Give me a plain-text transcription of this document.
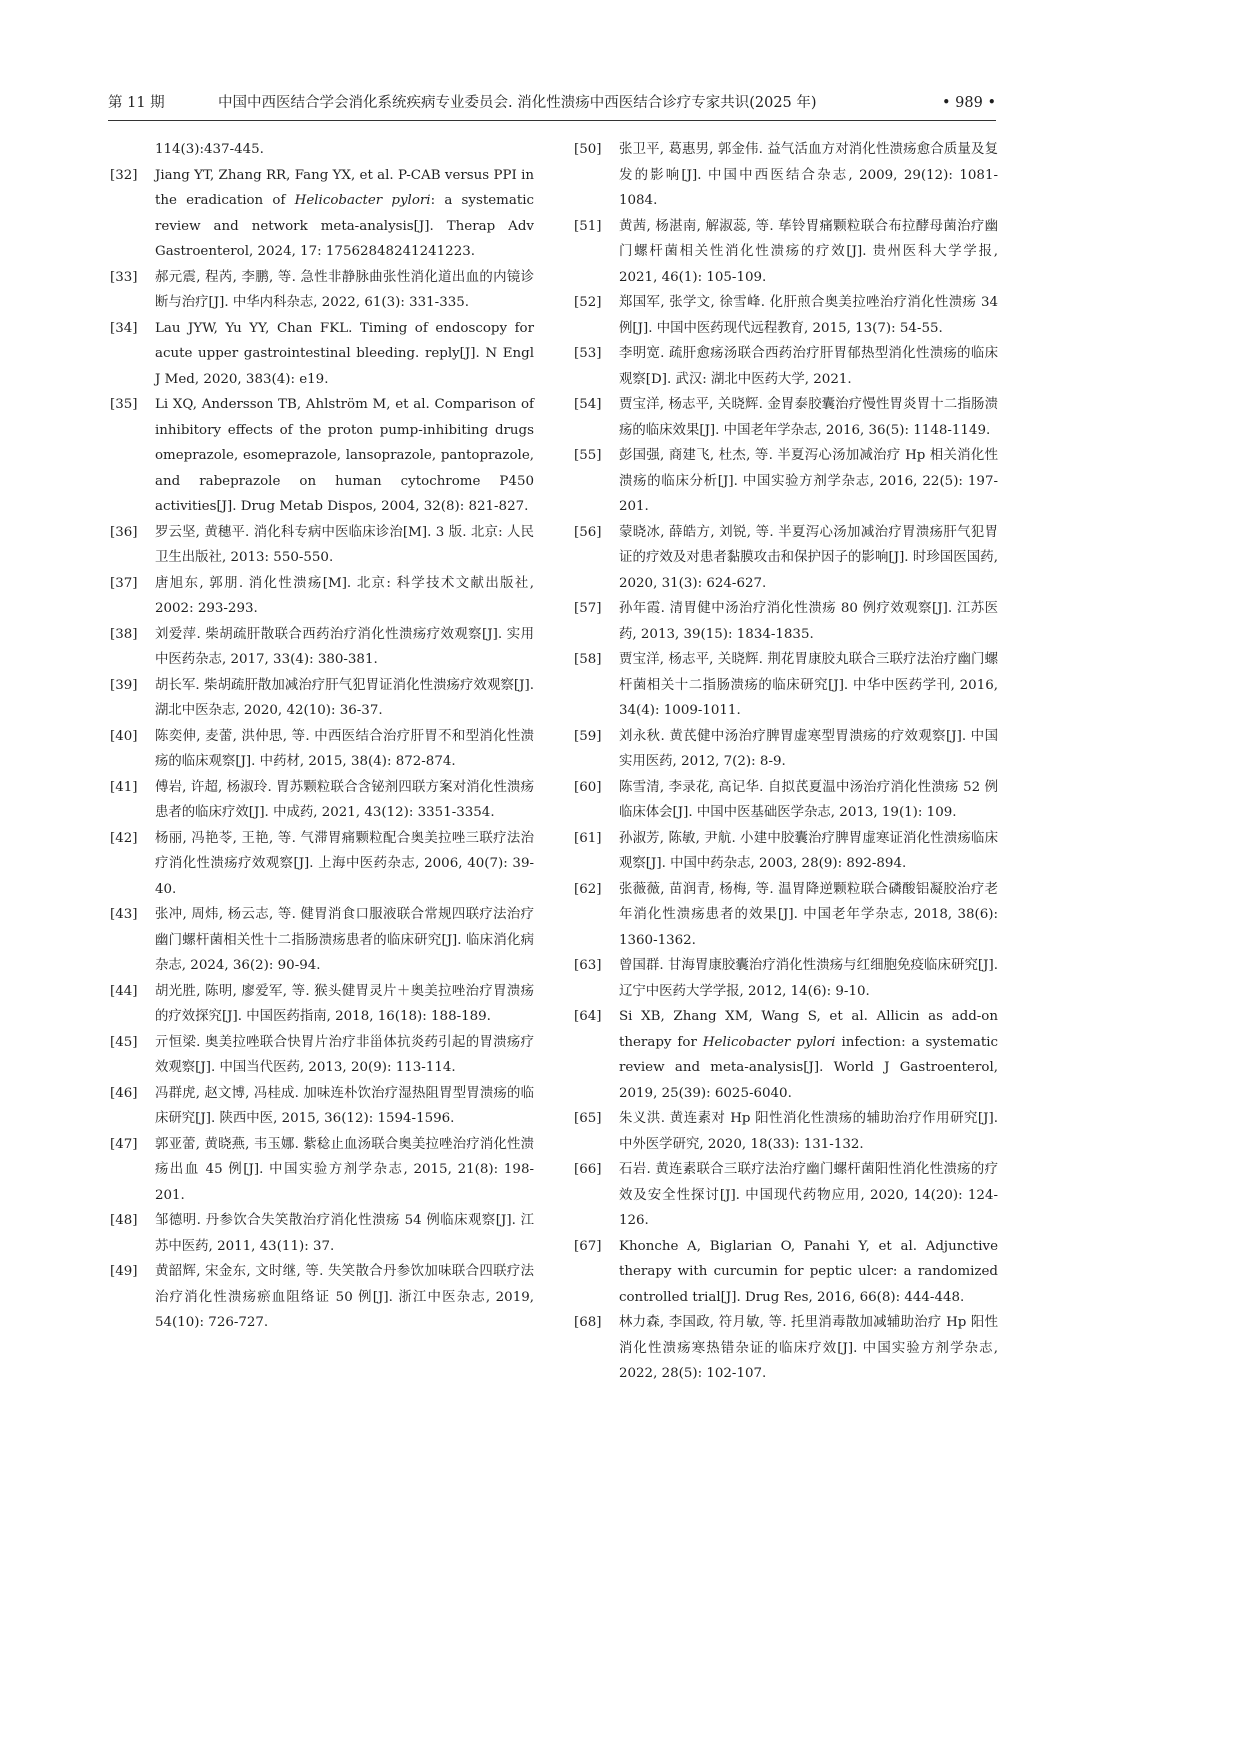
第 11 期	中国中西医结合学会消化系统疾病专业委员会. 消化性溃疡中西医结合诊疗专家共识(2025 年)	• 989 •
114(3):437-445.
[32]	Jiang YT, Zhang RR, Fang YX, et al. P-CAB versus PPI in the eradication of Helicobacter pylori: a systematic review and network meta-analysis[J]. Therap Adv Gastroenterol, 2024, 17: 17562848241241223.
[33]	郝元震, 程芮, 李鹏, 等. 急性非静脉曲张性消化道出血的内镜诊断与治疗[J]. 中华内科杂志, 2022, 61(3): 331-335.
[34]	Lau JYW, Yu YY, Chan FKL. Timing of endoscopy for acute upper gastrointestinal bleeding. reply[J]. N Engl J Med, 2020, 383(4): e19.
[35]	Li XQ, Andersson TB, Ahlström M, et al. Comparison of inhibitory effects of the proton pump-inhibiting drugs omeprazole, esomeprazole, lansoprazole, pantoprazole, and rabeprazole on human cytochrome P450 activities[J]. Drug Metab Dispos, 2004, 32(8): 821-827.
[36]	罗云坚, 黄穗平. 消化科专病中医临床诊治[M]. 3 版. 北京: 人民卫生出版社, 2013: 550-550.
[37]	唐旭东, 郭朋. 消化性溃疡[M]. 北京: 科学技术文献出版社, 2002: 293-293.
[38]	刘爱萍. 柴胡疏肝散联合西药治疗消化性溃疡疗效观察[J]. 实用中医药杂志, 2017, 33(4): 380-381.
[39]	胡长军. 柴胡疏肝散加减治疗肝气犯胃证消化性溃疡疗效观察[J]. 湖北中医杂志, 2020, 42(10): 36-37.
[40]	陈奕伸, 麦蕾, 洪仲思, 等. 中西医结合治疗肝胃不和型消化性溃疡的临床观察[J]. 中药材, 2015, 38(4): 872-874.
[41]	傅岩, 许超, 杨淑玲. 胃苏颗粒联合含铋剂四联方案对消化性溃疡患者的临床疗效[J]. 中成药, 2021, 43(12): 3351-3354.
[42]	杨丽, 冯艳苓, 王艳, 等. 气滞胃痛颗粒配合奥美拉唑三联疗法治疗消化性溃疡疗效观察[J]. 上海中医药杂志, 2006, 40(7): 39-40.
[43]	张冲, 周炜, 杨云志, 等. 健胃消食口服液联合常规四联疗法治疗幽门螺杆菌相关性十二指肠溃疡患者的临床研究[J]. 临床消化病杂志, 2024, 36(2): 90-94.
[44]	胡光胜, 陈明, 廖爱军, 等. 猴头健胃灵片＋奥美拉唑治疗胃溃疡的疗效探究[J]. 中国医药指南, 2018, 16(18): 188-189.
[45]	亓恒梁. 奥美拉唑联合快胃片治疗非甾体抗炎药引起的胃溃疡疗效观察[J]. 中国当代医药, 2013, 20(9): 113-114.
[46]	冯群虎, 赵文博, 冯桂成. 加味连朴饮治疗湿热阻胃型胃溃疡的临床研究[J]. 陕西中医, 2015, 36(12): 1594-1596.
[47]	郭亚蕾, 黄晓燕, 韦玉娜. 紫稔止血汤联合奥美拉唑治疗消化性溃疡出血 45 例[J]. 中国实验方剂学杂志, 2015, 21(8): 198-201.
[48]	邹德明. 丹参饮合失笑散治疗消化性溃疡 54 例临床观察[J]. 江苏中医药, 2011, 43(11): 37.
[49]	黄韶辉, 宋金东, 文时继, 等. 失笑散合丹参饮加味联合四联疗法治疗消化性溃疡瘀血阻络证 50 例[J]. 浙江中医杂志, 2019, 54(10): 726-727.
[50]	张卫平, 葛惠男, 郭金伟. 益气活血方对消化性溃疡愈合质量及复发的影响[J]. 中国中西医结合杂志, 2009, 29(12): 1081-1084.
[51]	黄茜, 杨湛南, 解淑蕊, 等. 荜铃胃痛颗粒联合布拉酵母菌治疗幽门螺杆菌相关性消化性溃疡的疗效[J]. 贵州医科大学学报, 2021, 46(1): 105-109.
[52]	郑国军, 张学文, 徐雪峰. 化肝煎合奥美拉唑治疗消化性溃疡 34 例[J]. 中国中医药现代远程教育, 2015, 13(7): 54-55.
[53]	李明宽. 疏肝愈疡汤联合西药治疗肝胃郁热型消化性溃疡的临床观察[D]. 武汉: 湖北中医药大学, 2021.
[54]	贾宝洋, 杨志平, 关晓辉. 金胃泰胶囊治疗慢性胃炎胃十二指肠溃疡的临床效果[J]. 中国老年学杂志, 2016, 36(5): 1148-1149.
[55]	彭国强, 商建飞, 杜杰, 等. 半夏泻心汤加减治疗 Hp 相关消化性溃疡的临床分析[J]. 中国实验方剂学杂志, 2016, 22(5): 197-201.
[56]	蒙晓冰, 薛皓方, 刘锐, 等. 半夏泻心汤加减治疗胃溃疡肝气犯胃证的疗效及对患者黏膜攻击和保护因子的影响[J]. 时珍国医国药, 2020, 31(3): 624-627.
[57]	孙年霞. 清胃健中汤治疗消化性溃疡 80 例疗效观察[J]. 江苏医药, 2013, 39(15): 1834-1835.
[58]	贾宝洋, 杨志平, 关晓辉. 荆花胃康胶丸联合三联疗法治疗幽门螺杆菌相关十二指肠溃疡的临床研究[J]. 中华中医药学刊, 2016, 34(4): 1009-1011.
[59]	刘永秋. 黄芪健中汤治疗脾胃虚寒型胃溃疡的疗效观察[J]. 中国实用医药, 2012, 7(2): 8-9.
[60]	陈雪清, 李录花, 高记华. 自拟芪夏温中汤治疗消化性溃疡 52 例临床体会[J]. 中国中医基础医学杂志, 2013, 19(1): 109.
[61]	孙淑芳, 陈敏, 尹航. 小建中胶囊治疗脾胃虚寒证消化性溃疡临床观察[J]. 中国中药杂志, 2003, 28(9): 892-894.
[62]	张薇薇, 苗润青, 杨梅, 等. 温胃降逆颗粒联合磷酸铝凝胶治疗老年消化性溃疡患者的效果[J]. 中国老年学杂志, 2018, 38(6): 1360-1362.
[63]	曾国群. 甘海胃康胶囊治疗消化性溃疡与红细胞免疫临床研究[J]. 辽宁中医药大学学报, 2012, 14(6): 9-10.
[64]	Si XB, Zhang XM, Wang S, et al. Allicin as add-on therapy for Helicobacter pylori infection: a systematic review and meta-analysis[J]. World J Gastroenterol, 2019, 25(39): 6025-6040.
[65]	朱义洪. 黄连素对 Hp 阳性消化性溃疡的辅助治疗作用研究[J]. 中外医学研究, 2020, 18(33): 131-132.
[66]	石岩. 黄连素联合三联疗法治疗幽门螺杆菌阳性消化性溃疡的疗效及安全性探讨[J]. 中国现代药物应用, 2020, 14(20): 124-126.
[67]	Khonche A, Biglarian O, Panahi Y, et al. Adjunctive therapy with curcumin for peptic ulcer: a randomized controlled trial[J]. Drug Res, 2016, 66(8): 444-448.
[68]	林力森, 李国政, 符月敏, 等. 托里消毒散加减辅助治疗 Hp 阳性消化性溃疡寒热错杂证的临床疗效[J]. 中国实验方剂学杂志, 2022, 28(5): 102-107.
